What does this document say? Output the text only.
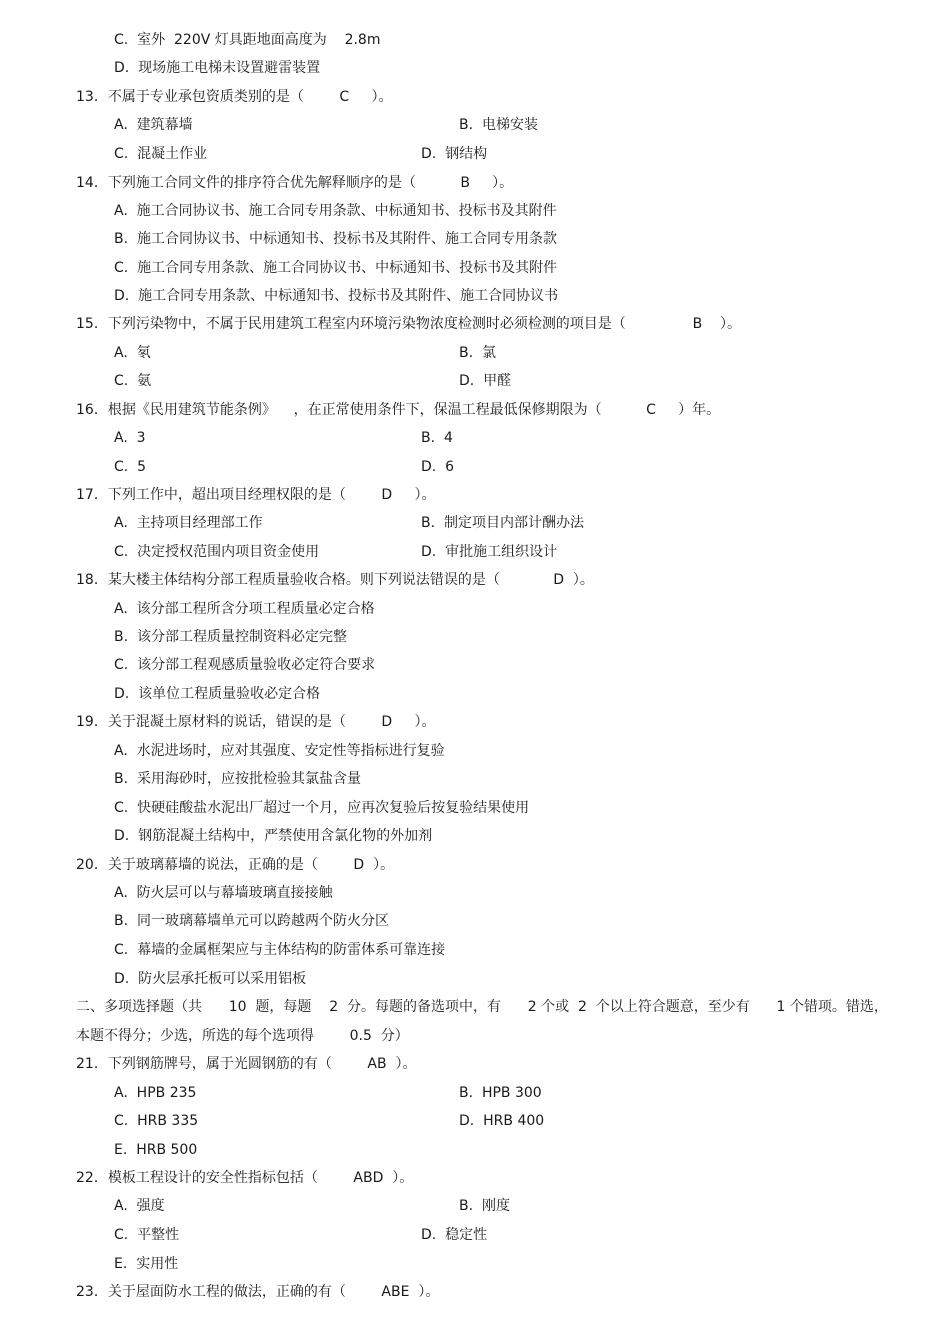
C.  室外  220V 灯具距地面高度为    2.8m
D.  现场施工电梯未设置避雷装置
13．不属于专业承包资质类别的是（        C     ）。
A.  建筑幕墙	B.  电梯安装
C.  混凝土作业	D.  钢结构
14．下列施工合同文件的排序符合优先解释顺序的是（          B     ）。
A.  施工合同协议书、施工合同专用条款、中标通知书、投标书及其附件
B.  施工合同协议书、中标通知书、投标书及其附件、施工合同专用条款
C.  施工合同专用条款、施工合同协议书、中标通知书、投标书及其附件
D.  施工合同专用条款、中标通知书、投标书及其附件、施工合同协议书
15．下列污染物中，不属于民用建筑工程室内环境污染物浓度检测时必须检测的项目是（               B    ）。
A.  氡	B.  氯
C.  氨	D.  甲醛
16．根据《民用建筑节能条例》    ，在正常使用条件下，保温工程最低保修期限为（          C     ）年。
A.  3	B.  4
C.  5	D.  6
17．下列工作中，超出项目经理权限的是（        D     ）。
A.  主持项目经理部工作	B.  制定项目内部计酬办法
C.  决定授权范围内项目资金使用	D.  审批施工组织设计
18．某大楼主体结构分部工程质量验收合格。则下列说法错误的是（            D  ）。
A.  该分部工程所含分项工程质量必定合格
B.  该分部工程质量控制资料必定完整
C.  该分部工程观感质量验收必定符合要求
D.  该单位工程质量验收必定合格
19．关于混凝土原材料的说话，错误的是（        D     ）。
A.  水泥进场时，应对其强度、安定性等指标进行复验
B.  采用海砂时，应按批检验其氯盐含量
C.  快硬硅酸盐水泥出厂超过一个月，应再次复验后按复验结果使用
D.  钢筋混凝土结构中，严禁使用含氯化物的外加剂
20．关于玻璃幕墙的说法，正确的是（        D  ）。
A.  防火层可以与幕墙玻璃直接接触
B.  同一玻璃幕墙单元可以跨越两个防火分区
C.  幕墙的金属框架应与主体结构的防雷体系可靠连接
D.  防火层承托板可以采用铝板
二、多项选择题（共      10  题，每题    2  分。每题的备选项中，有      2 个或  2  个以上符合题意，至少有      1 个错项。错选，
本题不得分；少选，所选的每个选项得        0.5  分）
21．下列钢筋牌号，属于光圆钢筋的有（        AB  ）。
A.  HPB 235	B.  HPB 300
C.  HRB 335	D.  HRB 400
E.  HRB 500
22．模板工程设计的安全性指标包括（        ABD  ）。
A.  强度	B.  刚度
C.  平整性	D.  稳定性
E.  实用性
23．关于屋面防水工程的做法，正确的有（        ABE  ）。
